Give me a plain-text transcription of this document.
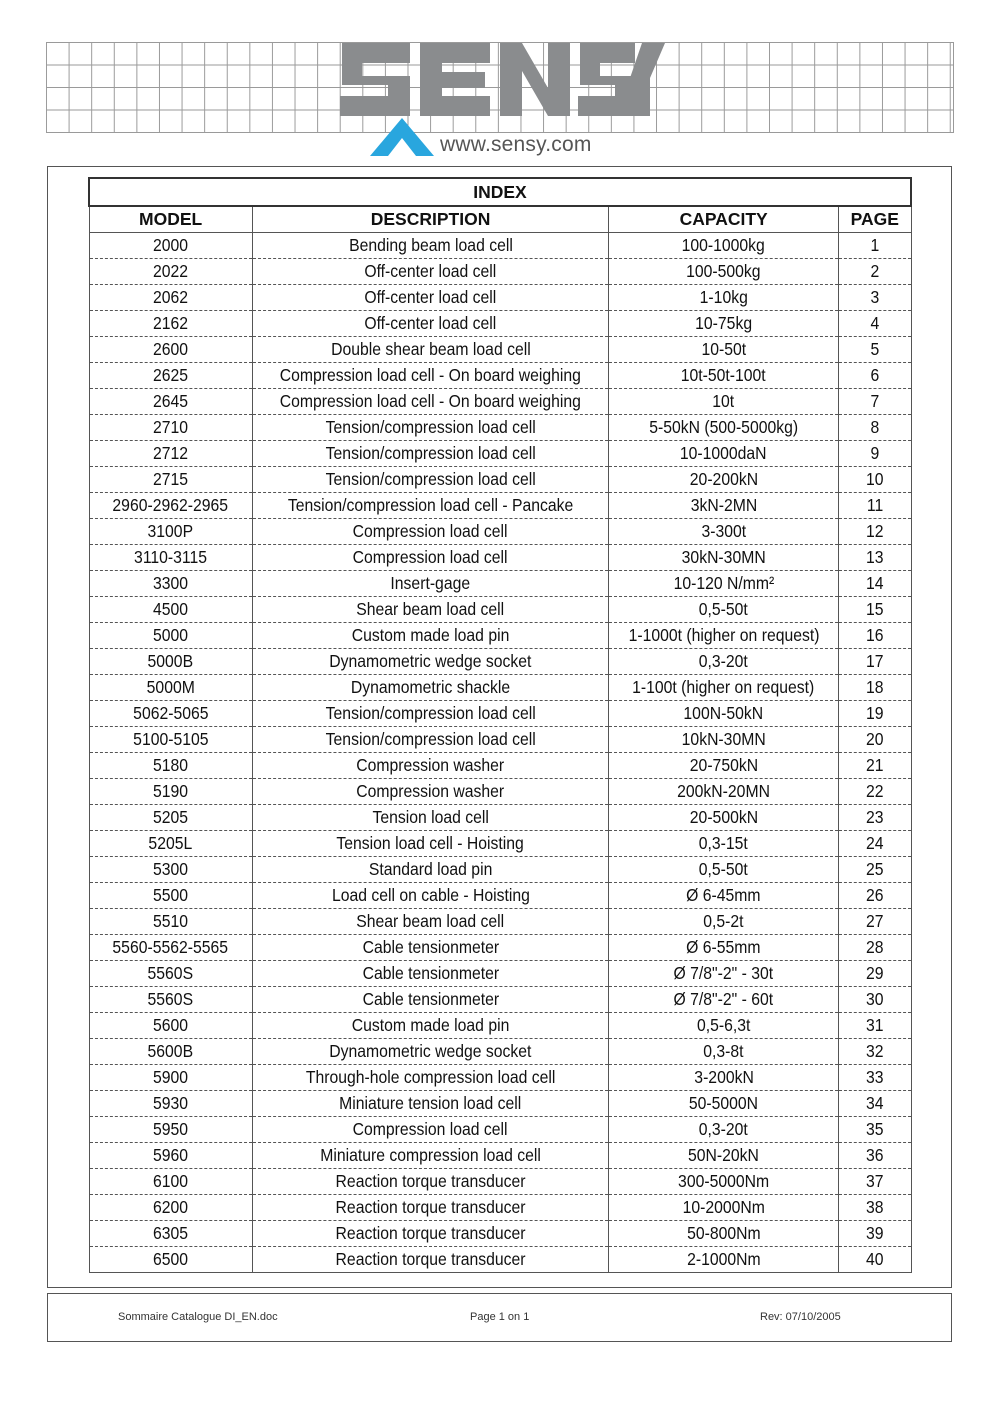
www.sensy.com
INDEX			
MODEL	DESCRIPTION	CAPACITY	PAGE
2000	Bending beam load cell	100-1000kg	1
2022	Off-center load cell	100-500kg	2
2062	Off-center load cell	1-10kg	3
2162	Off-center load cell	10-75kg	4
2600	Double shear beam load cell	10-50t	5
2625	Compression load cell - On board weighing	10t-50t-100t	6
2645	Compression load cell - On board weighing	10t	7
2710	Tension/compression load cell	5-50kN (500-5000kg)	8
2712	Tension/compression load cell	10-1000daN	9
2715	Tension/compression load cell	20-200kN	10
2960-2962-2965	Tension/compression load cell - Pancake	3kN-2MN	11
3100P	Compression load cell	3-300t	12
3110-3115	Compression load cell	30kN-30MN	13
3300	Insert-gage	10-120 N/mm²	14
4500	Shear beam load cell	0,5-50t	15
5000	Custom made load pin	1-1000t (higher on request)	16
5000B	Dynamometric wedge socket	0,3-20t	17
5000M	Dynamometric shackle	1-100t (higher on request)	18
5062-5065	Tension/compression load cell	100N-50kN	19
5100-5105	Tension/compression load cell	10kN-30MN	20
5180	Compression washer	20-750kN	21
5190	Compression washer	200kN-20MN	22
5205	Tension load cell	20-500kN	23
5205L	Tension load cell - Hoisting	0,3-15t	24
5300	Standard load pin	0,5-50t	25
5500	Load cell on cable - Hoisting	Ø 6-45mm	26
5510	Shear beam load cell	0,5-2t	27
5560-5562-5565	Cable tensionmeter	Ø 6-55mm	28
5560S	Cable tensionmeter	Ø 7/8"-2" - 30t	29
5560S	Cable tensionmeter	Ø 7/8"-2" - 60t	30
5600	Custom made load pin	0,5-6,3t	31
5600B	Dynamometric wedge socket	0,3-8t	32
5900	Through-hole compression load cell	3-200kN	33
5930	Miniature tension load cell	50-5000N	34
5950	Compression load cell	0,3-20t	35
5960	Miniature compression load cell	50N-20kN	36
6100	Reaction torque transducer	300-5000Nm	37
6200	Reaction torque transducer	10-2000Nm	38
6305	Reaction torque transducer	50-800Nm	39
6500	Reaction torque transducer	2-1000Nm	40
Sommaire Catalogue DI_EN.doc	Page 1 on 1	Rev: 07/10/2005
